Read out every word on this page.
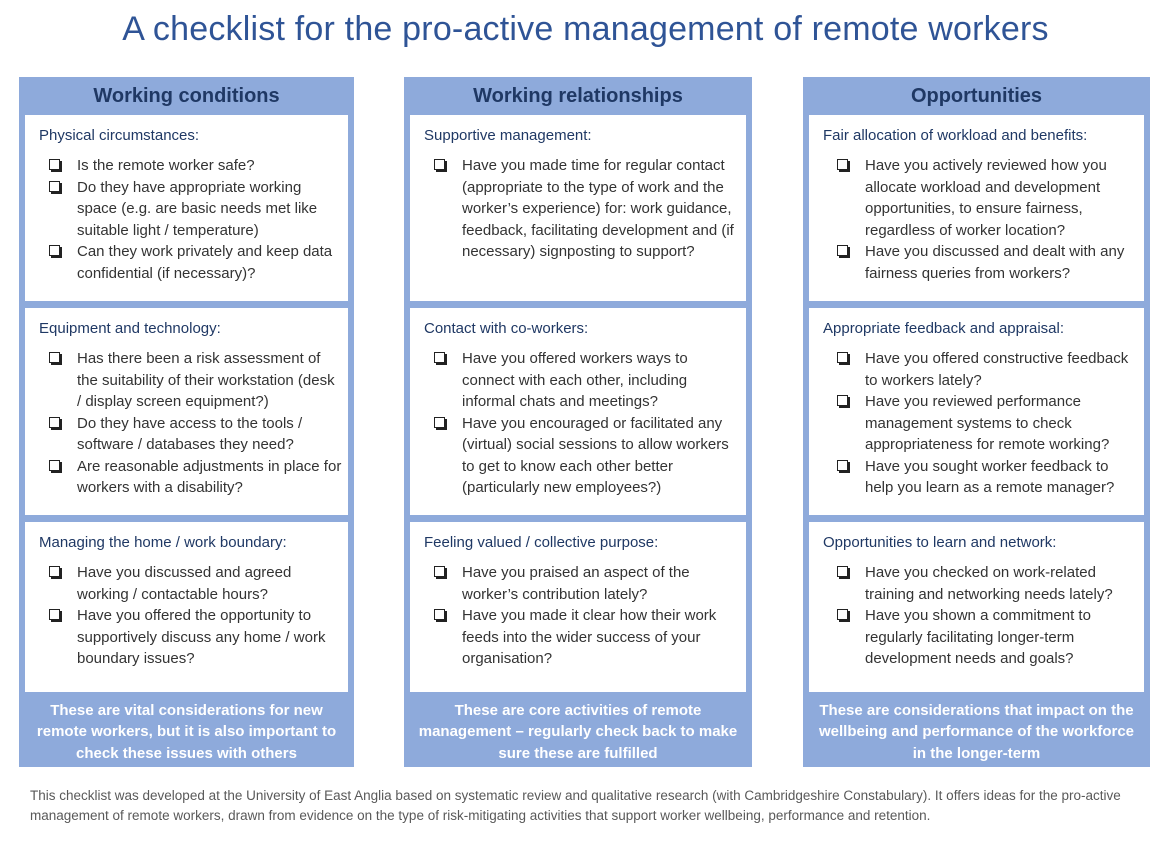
A checklist for the pro-active management of remote workers
Working conditions
Physical circumstances:
Is the remote worker safe?
Do they have appropriate working space (e.g. are basic needs met like suitable light / temperature)
Can they work privately and keep data confidential (if necessary)?
Equipment and technology:
Has there been a risk assessment of the suitability of their workstation (desk / display screen equipment?)
Do they have access to the tools / software / databases they need?
Are reasonable adjustments in place for workers with a disability?
Managing the home / work boundary:
Have you discussed and agreed working / contactable hours?
Have you offered the opportunity to supportively discuss any home / work boundary issues?
These are vital considerations for new remote workers, but it is also important to check these issues with others
Working relationships
Supportive management:
Have you made time for regular contact (appropriate to the type of work and the worker’s experience) for: work guidance, feedback, facilitating development and (if necessary) signposting to support?
Contact with co-workers:
Have you offered workers ways to connect with each other, including informal chats and meetings?
Have you encouraged or facilitated any (virtual) social sessions to allow workers to get to know each other better (particularly new employees?)
Feeling valued / collective purpose:
Have you praised an aspect of the worker’s contribution lately?
Have you made it clear how their work feeds into the wider success of your organisation?
These are core activities of remote management – regularly check back to make sure these are fulfilled
Opportunities
Fair allocation of workload and benefits:
Have you actively reviewed how you allocate workload and development opportunities, to ensure fairness, regardless of worker location?
Have you discussed and dealt with any fairness queries from workers?
Appropriate feedback and appraisal:
Have you offered constructive feedback to workers lately?
Have you reviewed performance management systems to check appropriateness for remote working?
Have you sought worker feedback to help you learn as a remote manager?
Opportunities to learn and network:
Have you checked on work-related training and networking needs lately?
Have you shown a commitment to regularly facilitating longer-term development needs and goals?
These are considerations that impact on the wellbeing and performance of the workforce in the longer-term
This checklist was developed at the University of East Anglia based on systematic review and qualitative research (with Cambridgeshire Constabulary). It offers ideas for the pro-active management of remote workers, drawn from evidence on the type of risk-mitigating activities that support worker wellbeing, performance and retention.
